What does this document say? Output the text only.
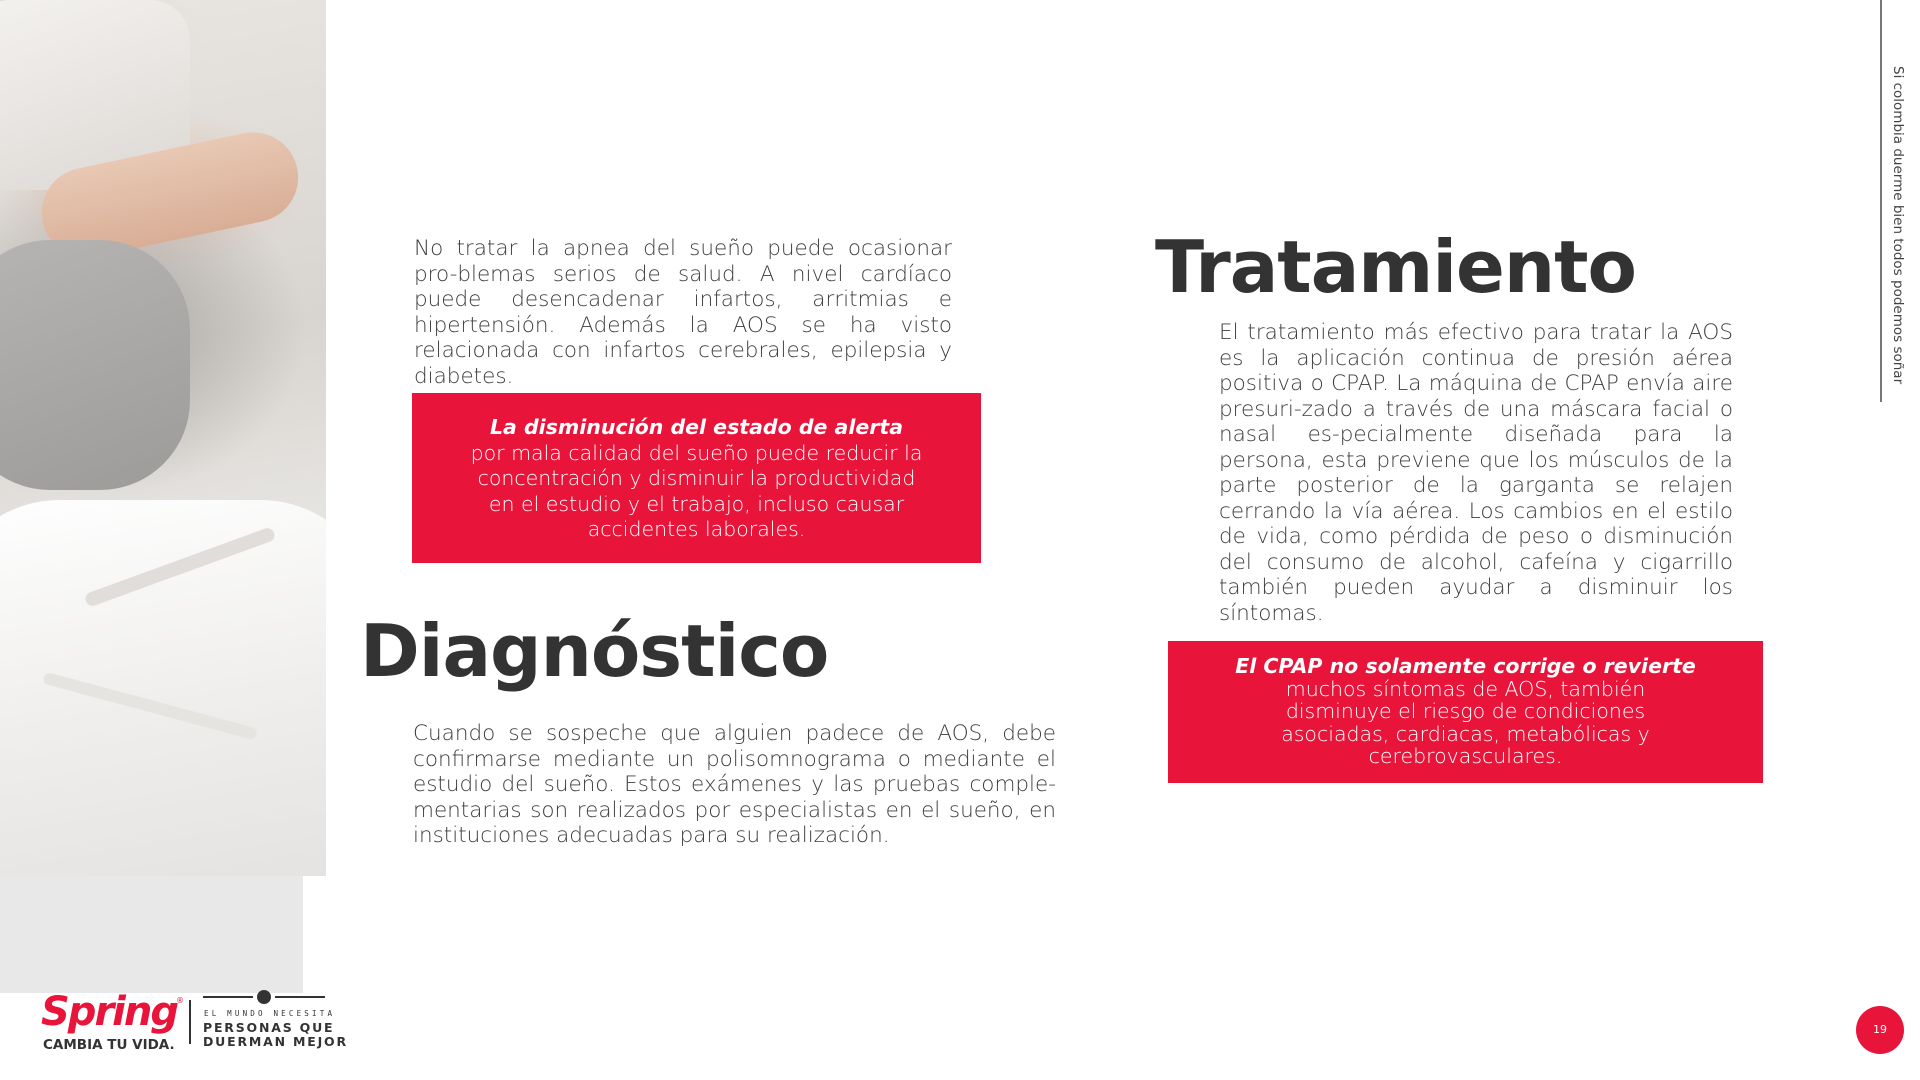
No tratar la apnea del sueño puede ocasionar pro-blemas serios de salud. A nivel cardíaco puede desencadenar infartos, arritmias e hipertensión. Además la AOS se ha visto relacionada con infartos cerebrales, epilepsia y diabetes.

La disminución del estado de alerta
por mala calidad del sueño puede reducir la concentración y disminuir la productividad en el estudio y el trabajo, incluso causar accidentes laborales.
Diagnóstico

Cuando se sospeche que alguien padece de AOS, debe confirmarse mediante un polisomnograma o mediante el estudio del sueño. Estos exámenes y las pruebas comple-mentarias son realizados por especialistas en el sueño, en instituciones adecuadas para su realización.

Tratamiento

El tratamiento más efectivo para tratar la AOS es la aplicación continua de presión aérea positiva o CPAP. La máquina de CPAP envía aire presuri-zado a través de una máscara facial o nasal es-pecialmente diseñada para la persona, esta previene que los músculos de la parte posterior de la garganta se relajen cerrando la vía aérea. Los cambios en el estilo de vida, como pérdida de peso o disminución del consumo de alcohol, cafeína y cigarrillo también pueden ayudar a disminuir los síntomas.

El CPAP no solamente corrige o revierte
muchos síntomas de AOS, también disminuye el riesgo de condiciones asociadas, cardiacas, metabólicas y cerebrovasculares.
Si colombia duerme bien todos podemos soñar
19
Spring ®
CAMBIA TU VIDA.
EL MUNDO NECESITA
PERSONAS QUE
DUERMAN MEJOR
